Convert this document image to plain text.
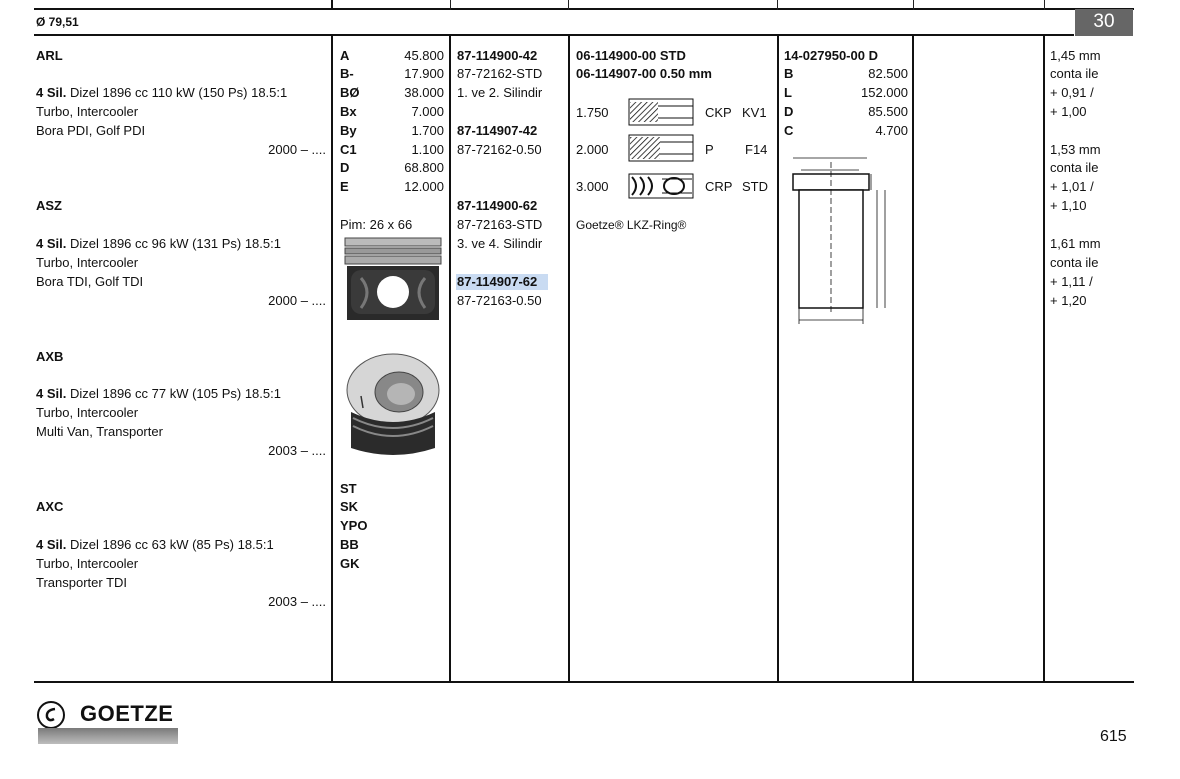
Ø 79,51	30
ARL
4 Sil. Dizel 1896 cc 110 kW (150 Ps) 18.5:1
Turbo, Intercooler
Bora PDI, Golf PDI
2000 – ....
ASZ
4 Sil. Dizel 1896 cc 96 kW (131 Ps) 18.5:1
Turbo, Intercooler
Bora TDI, Golf TDI
2000 – ....
AXB
4 Sil. Dizel 1896 cc 77 kW (105 Ps) 18.5:1
Turbo, Intercooler
Multi Van, Transporter
2003 – ....
AXC
4 Sil. Dizel 1896 cc 63 kW (85 Ps) 18.5:1
Turbo, Intercooler
Transporter TDI
2003 – ....
A	45.800
B-	17.900
BØ	38.000
Bx	7.000
By	1.700
C1	1.100
D	68.800
E	12.000
Pim: 26 x 66
ST
SK
YPO
BB
GK
87-114900-42
87-72162-STD
1. ve 2. Silindir
87-114907-42
87-72162-0.50
87-114900-62
87-72163-STD
3. ve 4. Silindir
87-114907-62
87-72163-0.50
06-114900-00 STD
06-114907-00 0.50 mm
1.750	CKP KV1
2.000	P F14
3.000	CRP STD
Goetze® LKZ-Ring®
14-027950-00 D
B	82.500
L	152.000
D	85.500
C	4.700
1,45 mm
conta ile
+ 0,91 /
+ 1,00
1,53 mm
conta ile
+ 1,01 /
+ 1,10
1,61 mm
conta ile
+ 1,11 /
+ 1,20
GOETZE
615
